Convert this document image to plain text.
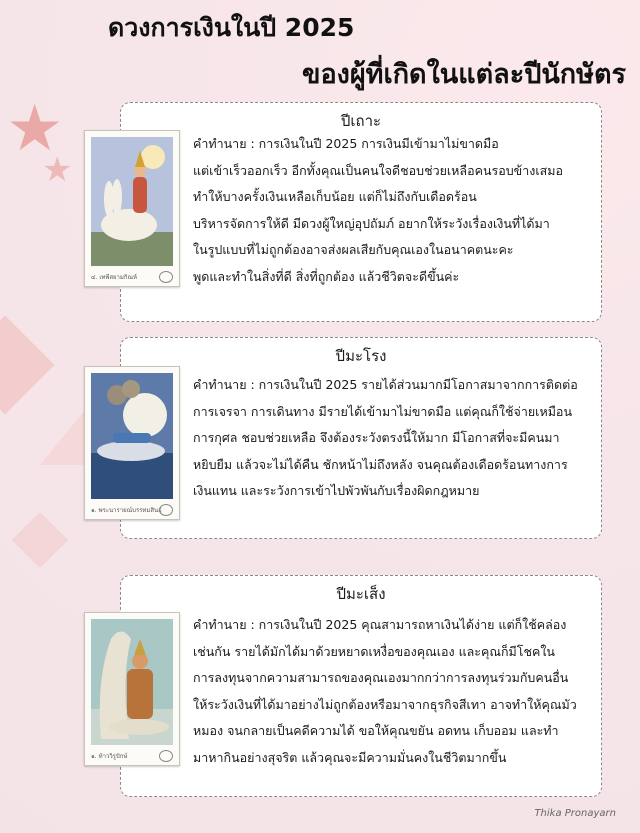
★
★
ดวงการเงินในปี 2025
ของผู้ที่เกิดในแต่ละปีนักษัตร
ปีเถาะ
คำทำนาย : การเงินในปี 2025 การเงินมีเข้ามาไม่ขาดมือ
แต่เข้าเร็วออกเร็ว อีกทั้งคุณเป็นคนใจดีชอบช่วยเหลือคนรอบข้างเสมอ
ทำให้บางครั้งเงินเหลือเก็บน้อย แต่ก็ไม่ถึงกับเดือดร้อน
บริหารจัดการให้ดี มีดวงผู้ใหญ่อุปถัมภ์ อยากให้ระวังเรื่องเงินที่ได้มา
ในรูปแบบที่ไม่ถูกต้องอาจส่งผลเสียกับคุณเองในอนาคตนะคะ
พูดและทำในสิ่งที่ดี สิ่งที่ถูกต้อง แล้วชีวิตจะดีขึ้นค่ะ
๔. เทพีสยามกิณห์
ปีมะโรง
คำทำนาย : การเงินในปี 2025 รายได้ส่วนมากมีโอกาสมาจากการติดต่อ
การเจรจา การเดินทาง มีรายได้เข้ามาไม่ขาดมือ แต่คุณก็ใช้จ่ายเหมือน
การกุศล ชอบช่วยเหลือ จึงต้องระวังตรงนี้ให้มาก มีโอกาสที่จะมีคนมา
หยิบยืม แล้วจะไม่ได้คืน ชักหน้าไม่ถึงหลัง จนคุณต้องเดือดร้อนทางการ
เงินแทน และระวังการเข้าไปพัวพันกับเรื่องผิดกฎหมาย
๑. พระนารายณ์บรรทมสินธุ์
ปีมะเส็ง
คำทำนาย : การเงินในปี 2025 คุณสามารถหาเงินได้ง่าย แต่ก็ใช้คล่อง
เช่นกัน รายได้มักได้มาด้วยหยาดเหงื่อของคุณเอง และคุณก็มีโชคใน
การลงทุนจากความสามารถของคุณเองมากกว่าการลงทุนร่วมกับคนอื่น
ให้ระวังเงินที่ได้มาอย่างไม่ถูกต้องหรือมาจากธุรกิจสีเทา อาจทำให้คุณมัว
หมอง จนกลายเป็นคดีความได้ ขอให้คุณขยัน อดทน เก็บออม และทำ
มาหากินอย่างสุจริต แล้วคุณจะมีความมั่นคงในชีวิตมากขึ้น
๑. ท้าววิรูปักษ์
Thika Pronayarn
